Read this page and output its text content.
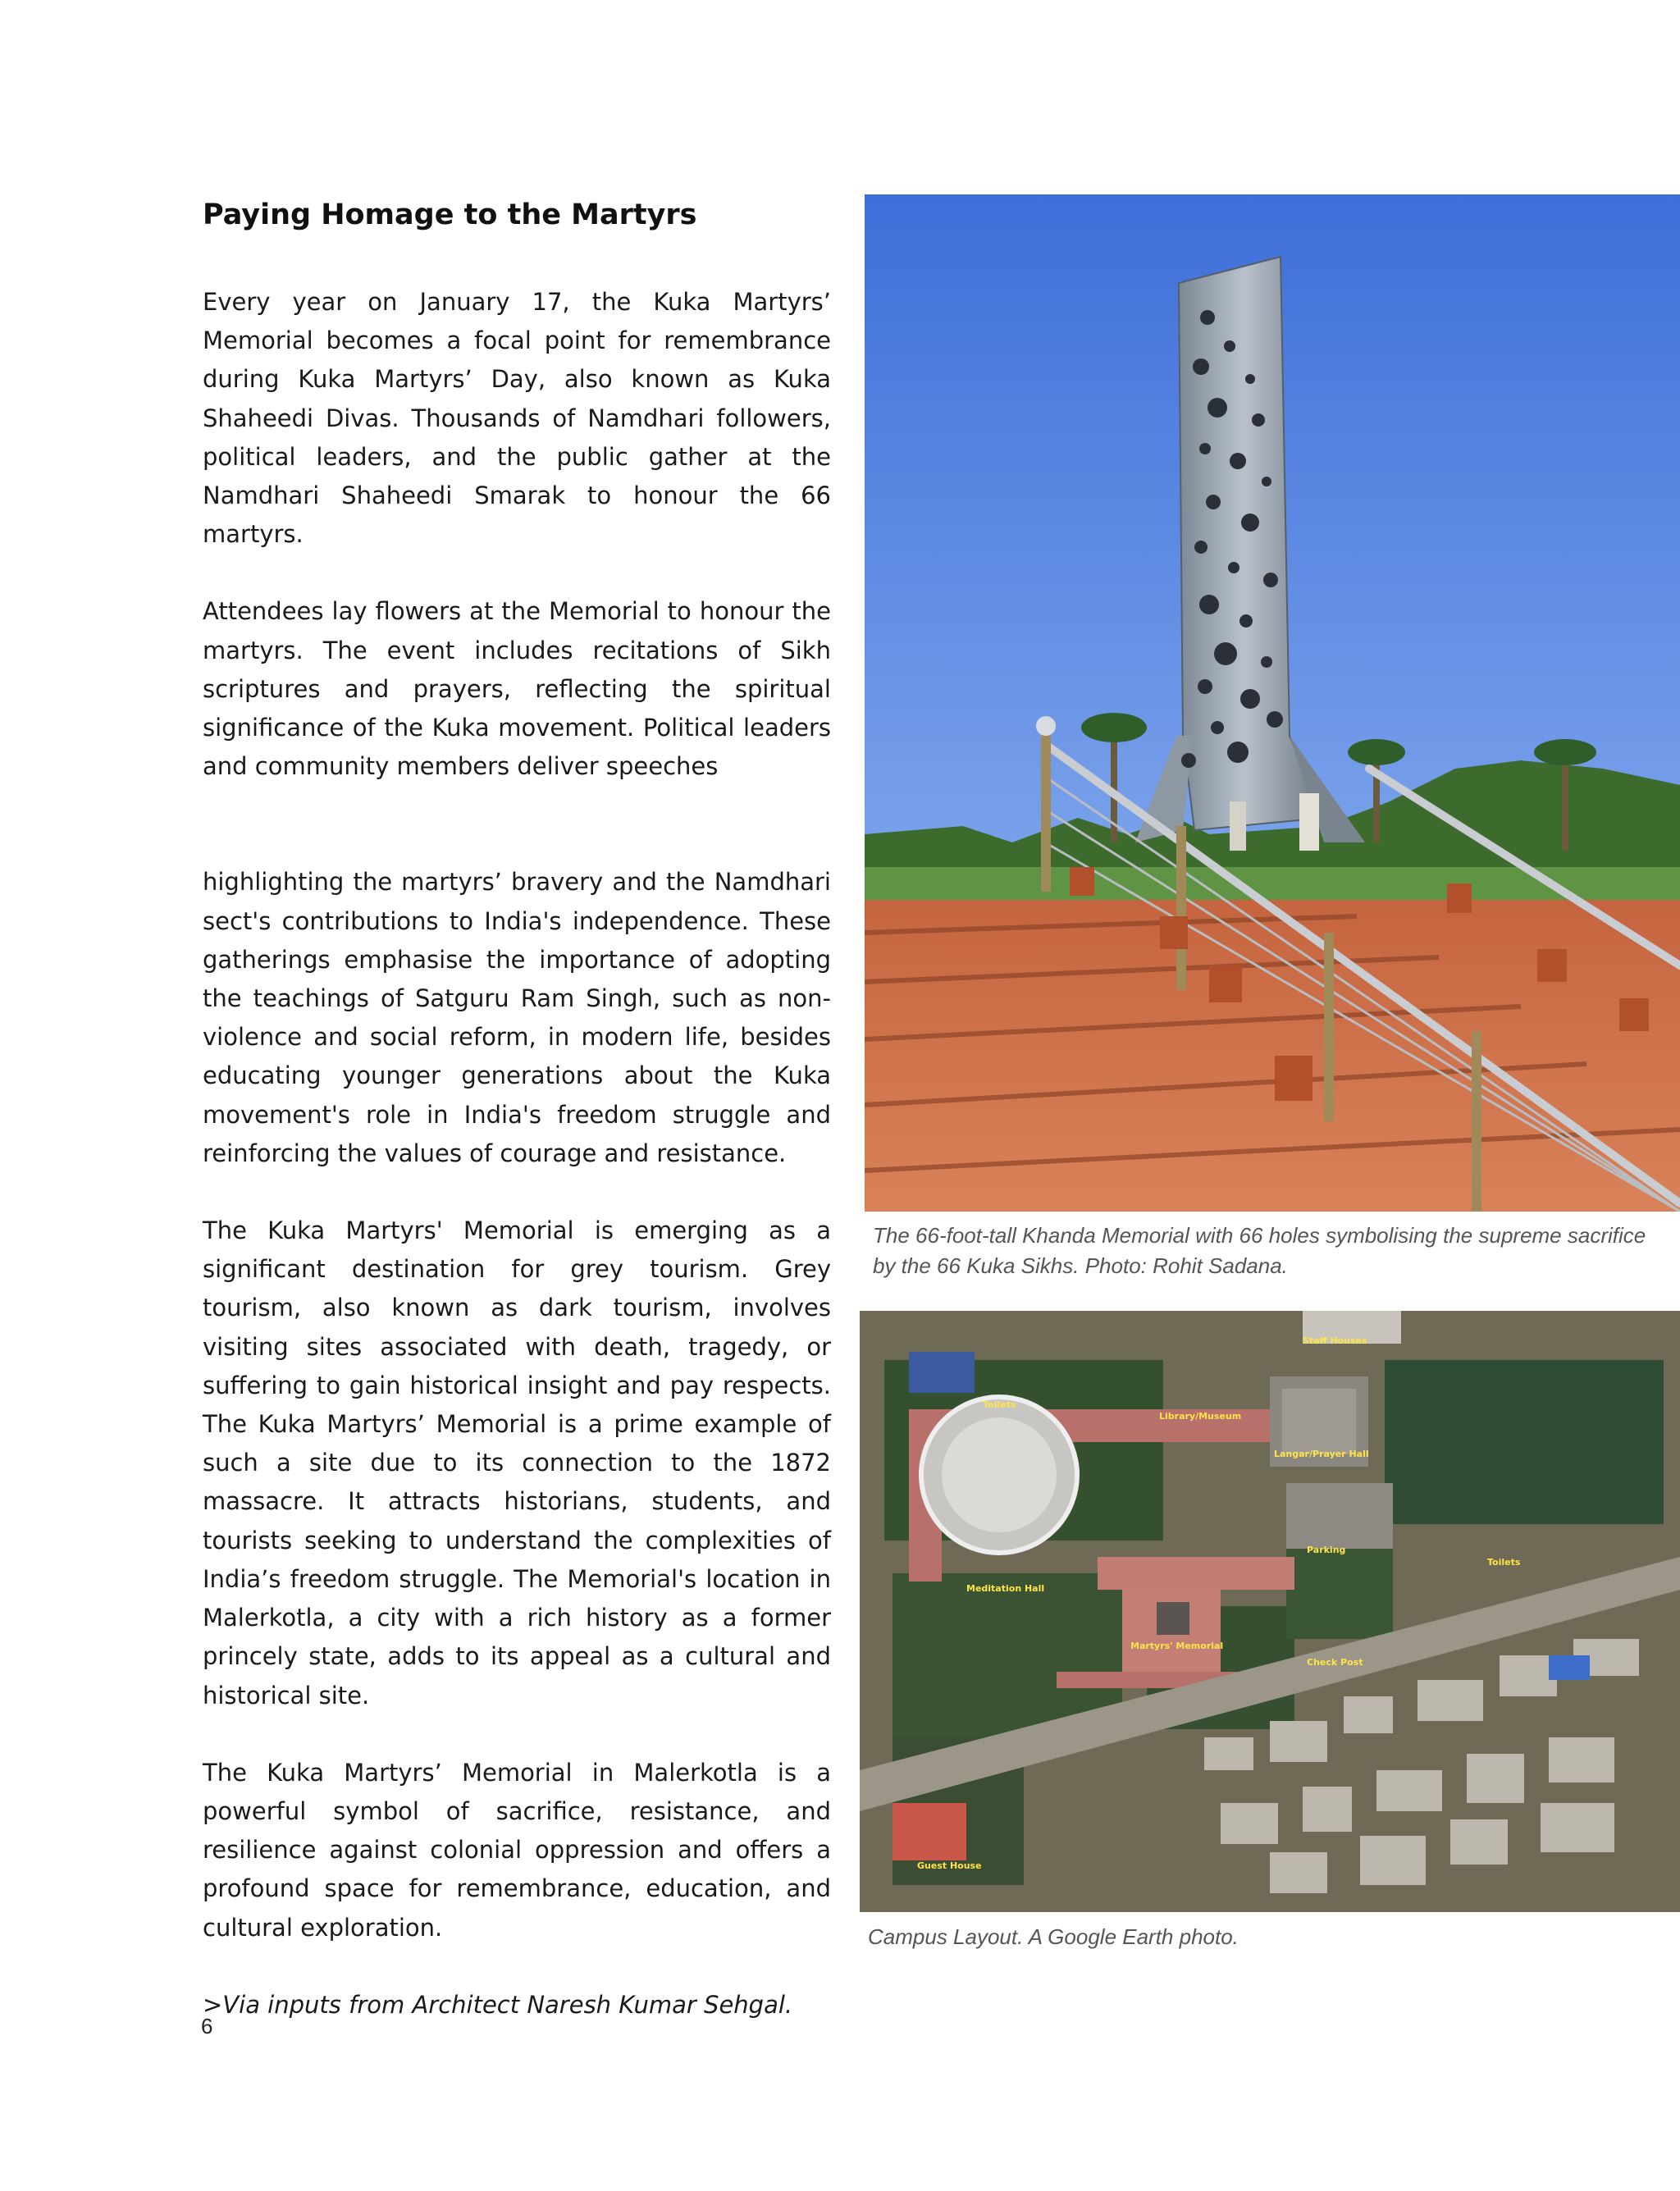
Paying Homage to the Martyrs

Every year on January 17, the Kuka Martyrs’ Memorial becomes a focal point for remembrance during Kuka Martyrs’ Day, also known as Kuka Shaheedi Divas. Thousands of Namdhari followers, political leaders, and the public gather at the Namdhari Shaheedi Smarak to honour the 66 martyrs.

Attendees lay flowers at the Memorial to honour the martyrs. The event includes recitations of Sikh scriptures and prayers, reflecting the spiritual significance of the Kuka movement. Political leaders and community members deliver speeches

highlighting the martyrs’ bravery and the Namdhari sect's contributions to India's independence. These gatherings emphasise the importance of adopting the teachings of Satguru Ram Singh, such as non-violence and social reform, in modern life, besides educating younger generations about the Kuka movement's role in India's freedom struggle and reinforcing the values of courage and resistance.

The Kuka Martyrs' Memorial is emerging as a significant destination for grey tourism. Grey tourism, also known as dark tourism, involves visiting sites associated with death, tragedy, or suffering to gain historical insight and pay respects. The Kuka Martyrs’ Memorial is a prime example of such a site due to its connection to the 1872 massacre. It attracts historians, students, and tourists seeking to understand the complexities of India’s freedom struggle. The Memorial's location in Malerkotla, a city with a rich history as a former princely state, adds to its appeal as a cultural and historical site.

The Kuka Martyrs’ Memorial in Malerkotla is a powerful symbol of sacrifice, resistance, and resilience against colonial oppression and offers a profound space for remembrance, education, and cultural exploration.

>Via inputs from Architect Naresh Kumar Sehgal.

The 66-foot-tall Khanda Memorial with 66 holes symbolising the supreme sacrifice by the 66 Kuka Sikhs. Photo: Rohit Sadana.
Staff Houses
Toilets
Library/Museum
Langar/Prayer Hall
Parking
Toilets
Meditation Hall
Martyrs' Memorial
Check Post
Guest House
Campus Layout. A Google Earth photo.
6
